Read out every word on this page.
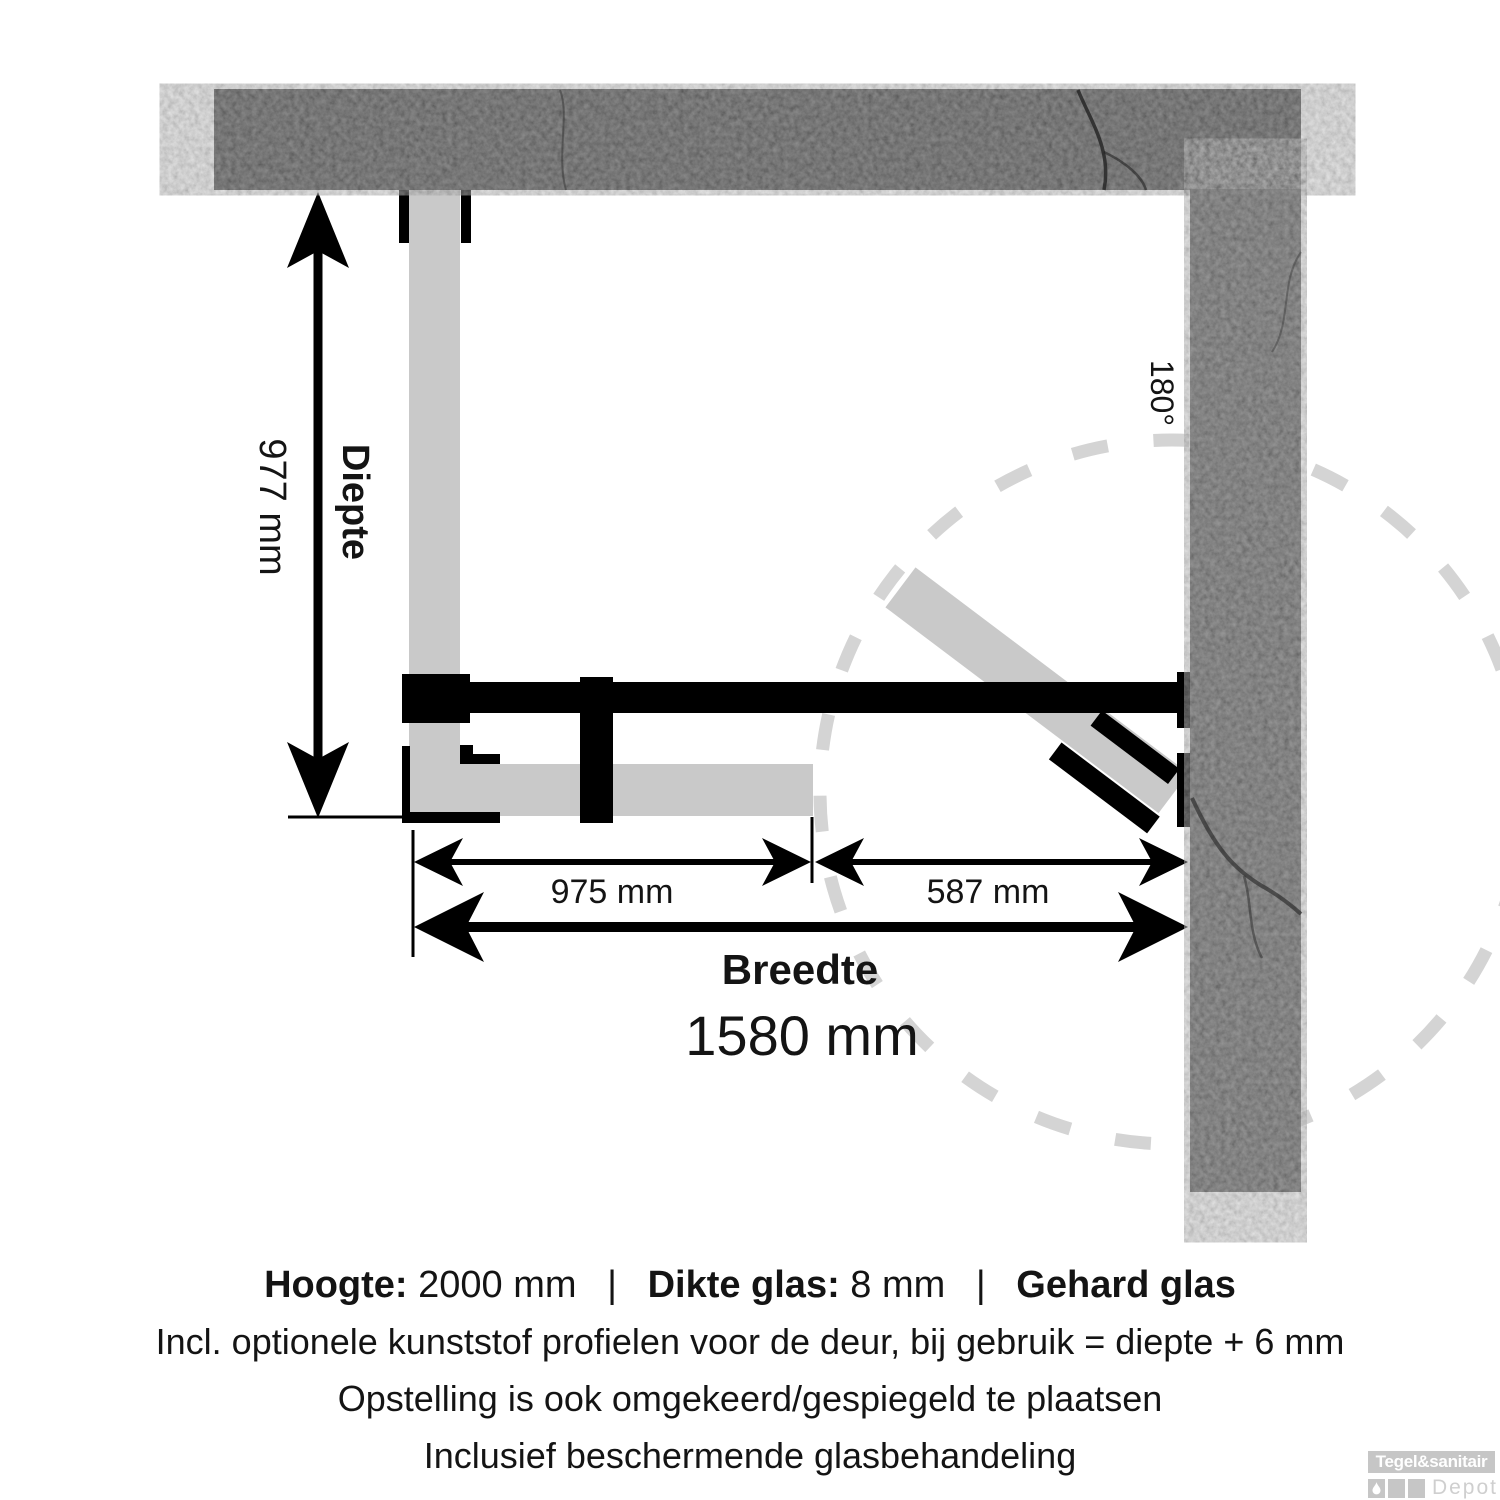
Diepte
977 mm
180°
975 mm	587 mm
Breedte
1580 mm
Hoogte: 2000 mm | Dikte glas: 8 mm | Gehard glas
Incl. optionele kunststof profielen voor de deur, bij gebruik = diepte + 6 mm
Opstelling is ook omgekeerd/gespiegeld te plaatsen
Inclusief beschermende glasbehandeling	Tegel&sanitair
Depot
